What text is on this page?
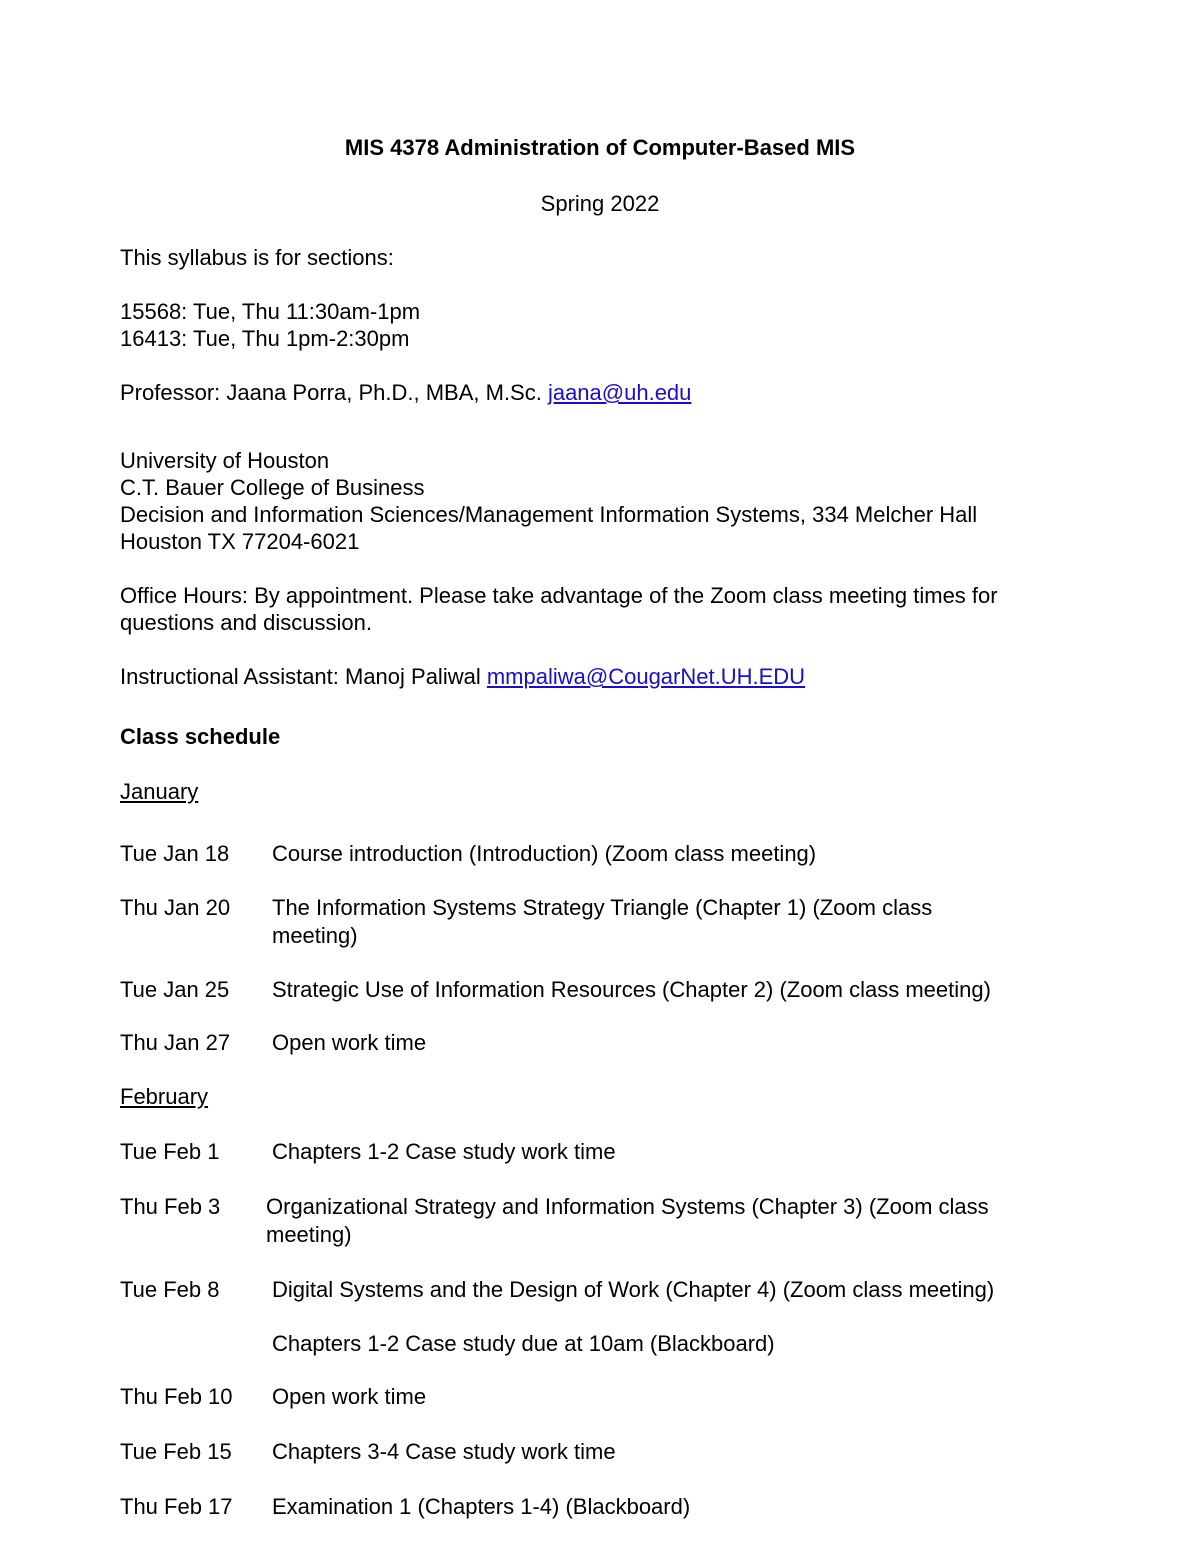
MIS 4378 Administration of Computer-Based MIS
Spring 2022
This syllabus is for sections:
15568: Tue, Thu 11:30am-1pm
16413: Tue, Thu 1pm-2:30pm
Professor: Jaana Porra, Ph.D., MBA, M.Sc. jaana@uh.edu
University of Houston
C.T. Bauer College of Business
Decision and Information Sciences/Management Information Systems, 334 Melcher Hall
Houston TX 77204-6021
Office Hours: By appointment. Please take advantage of the Zoom class meeting times for
questions and discussion.
Instructional Assistant: Manoj Paliwal mmpaliwa@CougarNet.UH.EDU
Class schedule
January
Tue Jan 18 Course introduction (Introduction) (Zoom class meeting)
Thu Jan 20 The Information Systems Strategy Triangle (Chapter 1) (Zoom class
meeting)
Tue Jan 25 Strategic Use of Information Resources (Chapter 2) (Zoom class meeting)
Thu Jan 27 Open work time
February
Tue Feb 1 Chapters 1-2 Case study work time
Thu Feb 3 Organizational Strategy and Information Systems (Chapter 3) (Zoom class
meeting)
Tue Feb 8 Digital Systems and the Design of Work (Chapter 4) (Zoom class meeting)
Chapters 1-2 Case study due at 10am (Blackboard)
Thu Feb 10 Open work time
Tue Feb 15 Chapters 3-4 Case study work time
Thu Feb 17 Examination 1 (Chapters 1-4) (Blackboard)
